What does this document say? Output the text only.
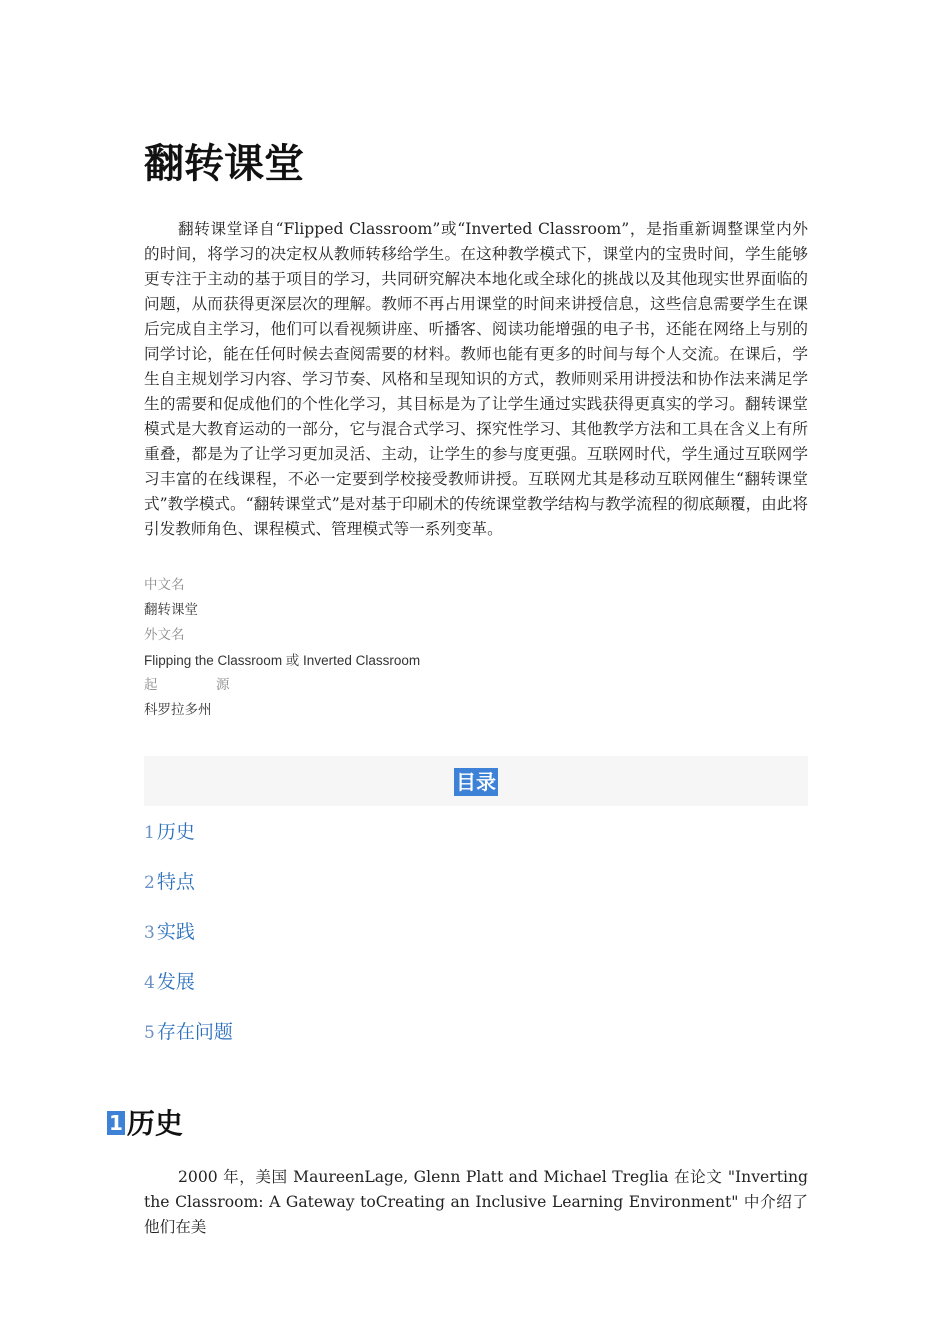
翻转课堂

翻转课堂译自“Flipped Classroom”或“Inverted Classroom”，是指重新调整课堂内外的时间，将学习的决定权从教师转移给学生。在这种教学模式下，课堂内的宝贵时间，学生能够更专注于主动的基于项目的学习，共同研究解决本地化或全球化的挑战以及其他现实世界面临的问题，从而获得更深层次的理解。教师不再占用课堂的时间来讲授信息，这些信息需要学生在课后完成自主学习，他们可以看视频讲座、听播客、阅读功能增强的电子书，还能在网络上与别的同学讨论，能在任何时候去查阅需要的材料。教师也能有更多的时间与每个人交流。在课后，学生自主规划学习内容、学习节奏、风格和呈现知识的方式，教师则采用讲授法和协作法来满足学生的需要和促成他们的个性化学习，其目标是为了让学生通过实践获得更真实的学习。翻转课堂模式是大教育运动的一部分，它与混合式学习、探究性学习、其他教学方法和工具在含义上有所重叠，都是为了让学习更加灵活、主动，让学生的参与度更强。互联网时代，学生通过互联网学习丰富的在线课程，不必一定要到学校接受教师讲授。互联网尤其是移动互联网催生“翻转课堂式”教学模式。“翻转课堂式”是对基于印刷术的传统课堂教学结构与教学流程的彻底颠覆，由此将引发教师角色、课程模式、管理模式等一系列变革。

中文名
翻转课堂
外文名
Flipping the Classroom 或 Inverted Classroom
起	源
科罗拉多州
目录
1 历史
2 特点
3 实践
4 发展
5 存在问题
1 历史

2000 年，美国 MaureenLage, Glenn Platt and Michael Treglia 在论文 "Inverting the Classroom: A Gateway toCreating an Inclusive Learning Environment" 中介绍了他们在美
